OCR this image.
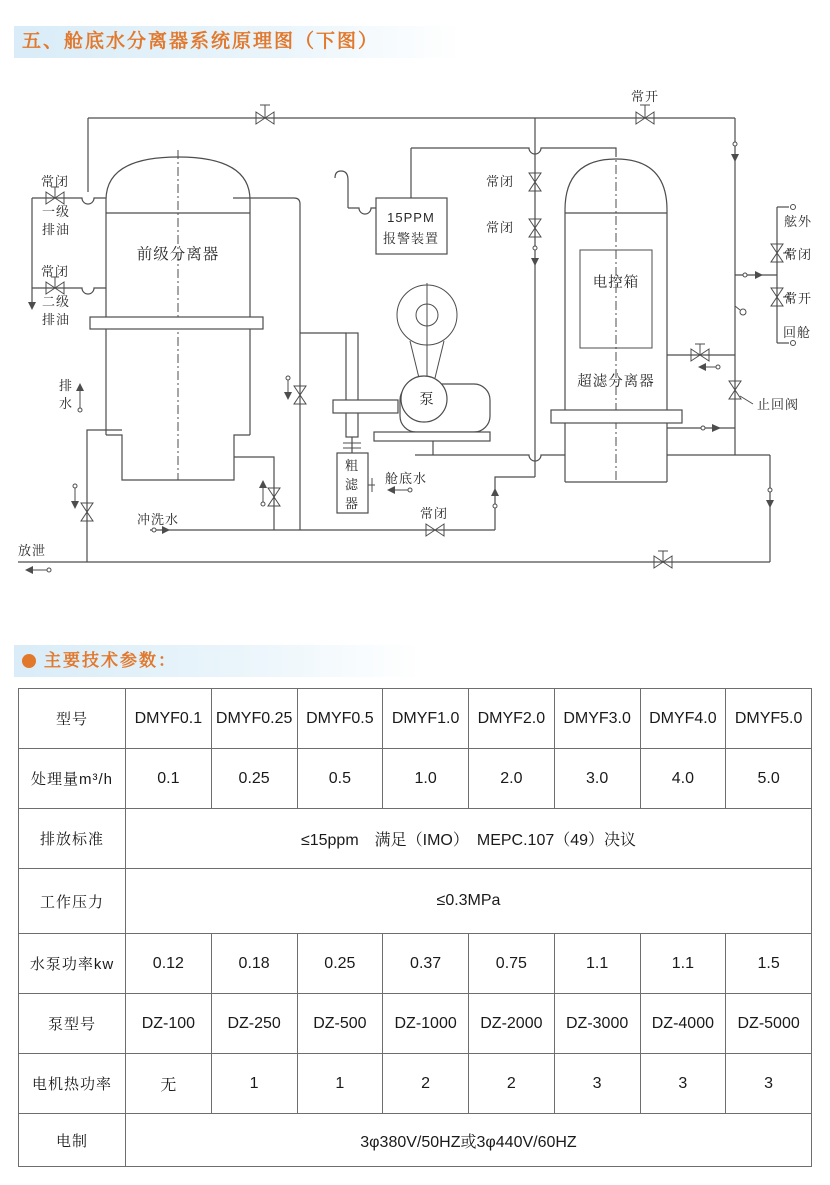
五、舱底水分离器系统原理图（下图）
常闭
一级
排油
常闭
二级
排油
前级分离器
排
水
冲洗水
放泄
15PPM
报警装置
常闭
常闭
常开
电控箱
超滤分离器
粗
滤
器
舱底水
泵
常闭
舷外
常闭
常开
回舱
止回阀
主要技术参数：
型号	DMYF0.1	DMYF0.25	DMYF0.5	DMYF1.0	DMYF2.0	DMYF3.0	DMYF4.0	DMYF5.0
处理量m³/h	0.1	0.25	0.5	1.0	2.0	3.0	4.0	5.0
排放标准	≤15ppm　满足（IMO）　MEPC.107（49）决议							
工作压力	≤0.3MPa							
水泵功率kw	0.12	0.18	0.25	0.37	0.75	1.1	1.1	1.5
泵型号	DZ-100	DZ-250	DZ-500	DZ-1000	DZ-2000	DZ-3000	DZ-4000	DZ-5000
电机热功率	无	1	1	2	2	3	3	3
电制	3φ380V/50HZ或3φ440V/60HZ							
